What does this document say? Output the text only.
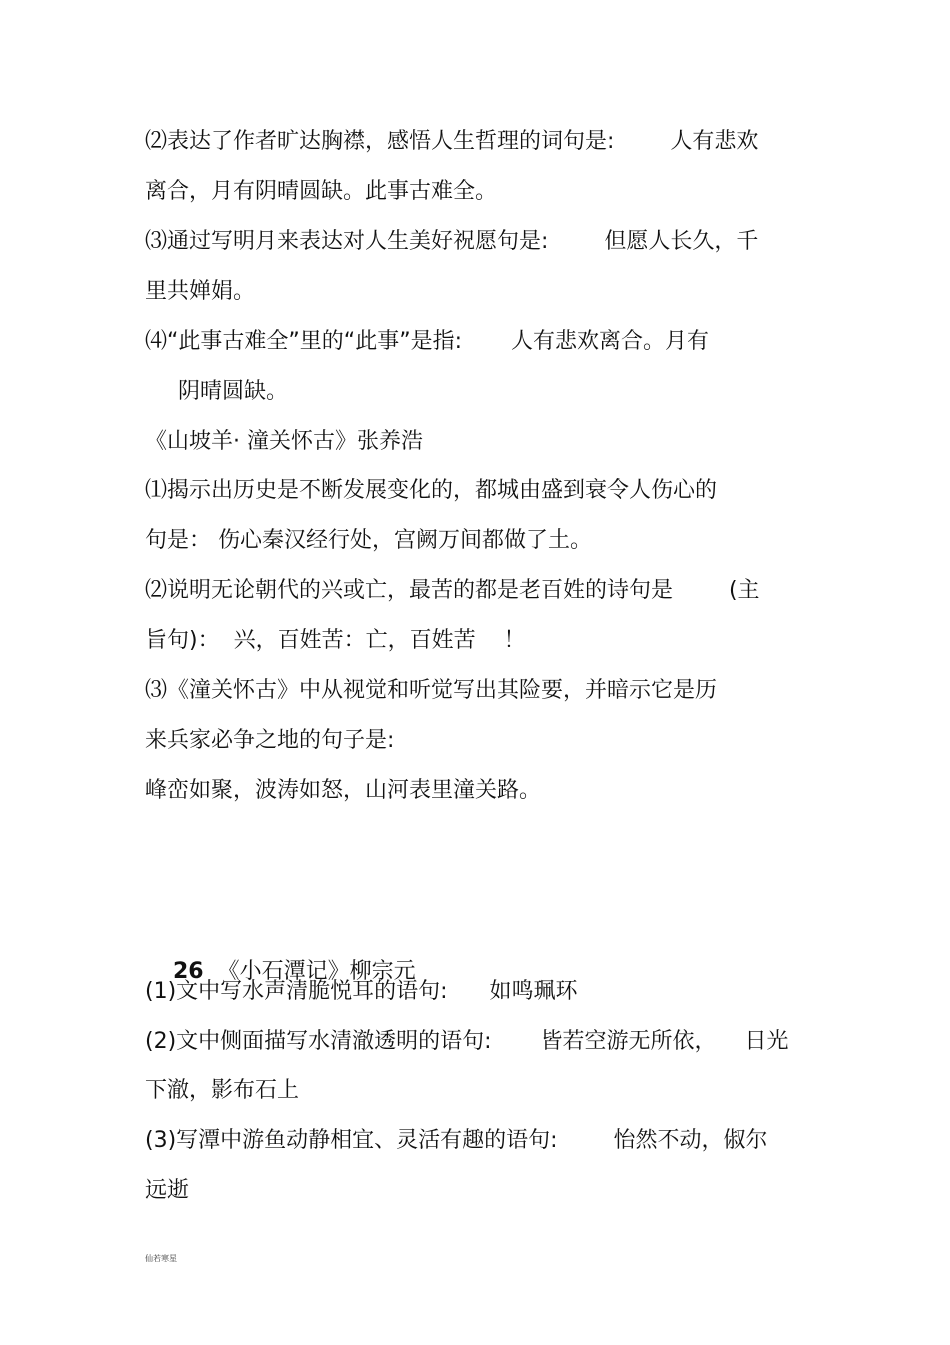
⑵表达了作者旷达胸襟，感悟人生哲理的词句是:        人有悲欢
离合，月有阴晴圆缺。此事古难全。
⑶通过写明月来表达对人生美好祝愿句是:        但愿人长久，千
里共婵娟。
⑷“此事古难全”里的“此事”是指:       人有悲欢离合。月有
阴晴圆缺。
《山坡羊· 潼关怀古》张养浩
⑴揭示出历史是不断发展变化的，都城由盛到衰令人伤心的
句是： 伤心秦汉经行处，宫阙万间都做了土。
⑵说明无论朝代的兴或亡，最苦的都是老百姓的诗句是        (主
旨句)：  兴，百姓苦：亡，百姓苦    ！
⑶《潼关怀古》中从视觉和听觉写出其险要，并暗示它是历
来兵家必争之地的句子是:
峰峦如聚，波涛如怒，山河表里潼关路。

26 《小石潭记》柳宗元

(1)文中写水声清脆悦耳的语句:      如鸣珮环
(2)文中侧面描写水清澈透明的语句:       皆若空游无所依，    日光
下澈，影布石上
(3)写潭中游鱼动静相宜、灵活有趣的语句:        怡然不动，俶尔
远逝
仙若寒星
